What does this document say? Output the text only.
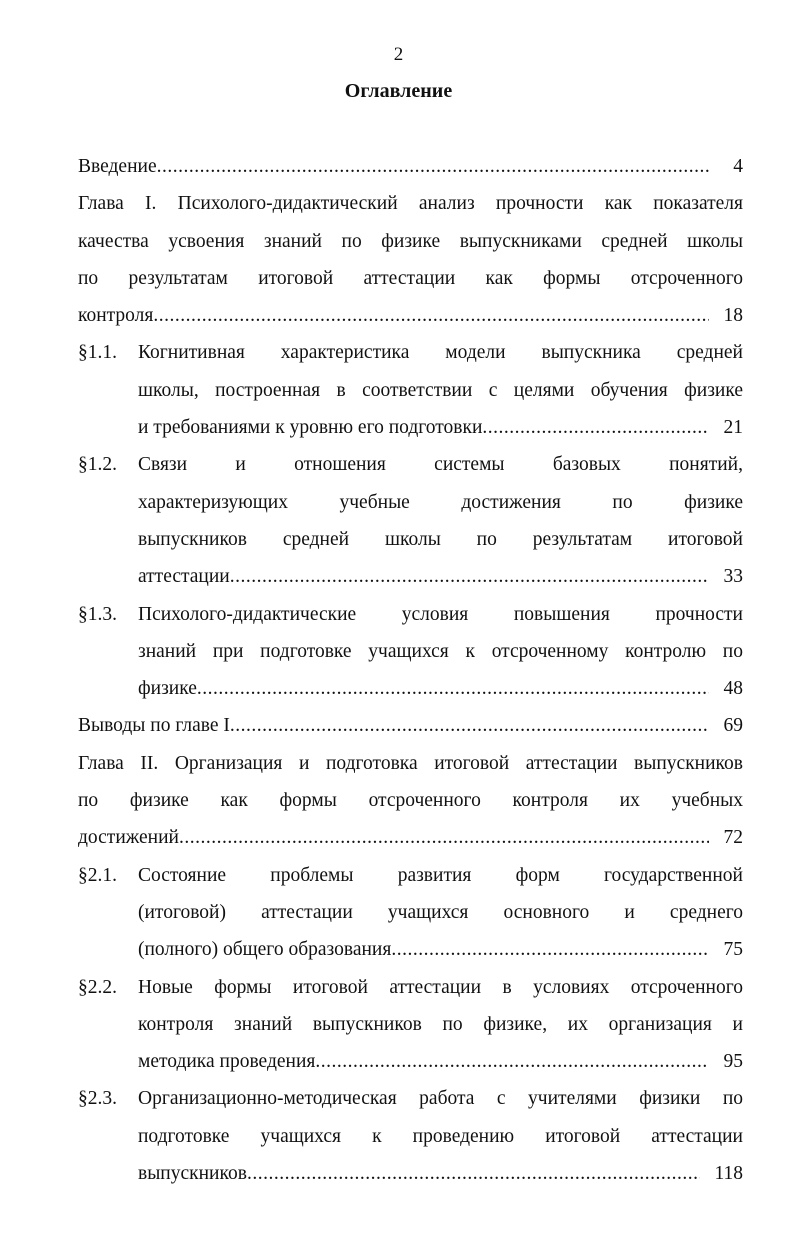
2
Оглавление
Введение .....	4
Глава I. Психолого-дидактический анализ прочности как показателя
качества усвоения знаний по физике выпускниками средней школы
по результатам итоговой аттестации как формы отсроченного
контроля .....	18
§1.1. Когнитивная характеристика модели выпускника средней
школы, построенная в соответствии с целями обучения физике
и требованиями к уровню его подготовки .....	21
§1.2. Связи и отношения системы базовых понятий,
характеризующих учебные достижения по физике
выпускников средней школы по результатам итоговой
аттестации .....	33
§1.3. Психолого-дидактические условия повышения прочности
знаний при подготовке учащихся к отсроченному контролю по
физике .....	48
Выводы по главе I .....	69
Глава II. Организация и подготовка итоговой аттестации выпускников
по физике как формы отсроченного контроля их учебных
достижений .....	72
§2.1. Состояние проблемы развития форм государственной
(итоговой) аттестации учащихся основного и среднего
(полного) общего образования .....	75
§2.2. Новые формы итоговой аттестации в условиях отсроченного
контроля знаний выпускников по физике, их организация и
методика проведения .....	95
§2.3. Организационно-методическая работа с учителями физики по
подготовке учащихся к проведению итоговой аттестации
выпускников .....	118
